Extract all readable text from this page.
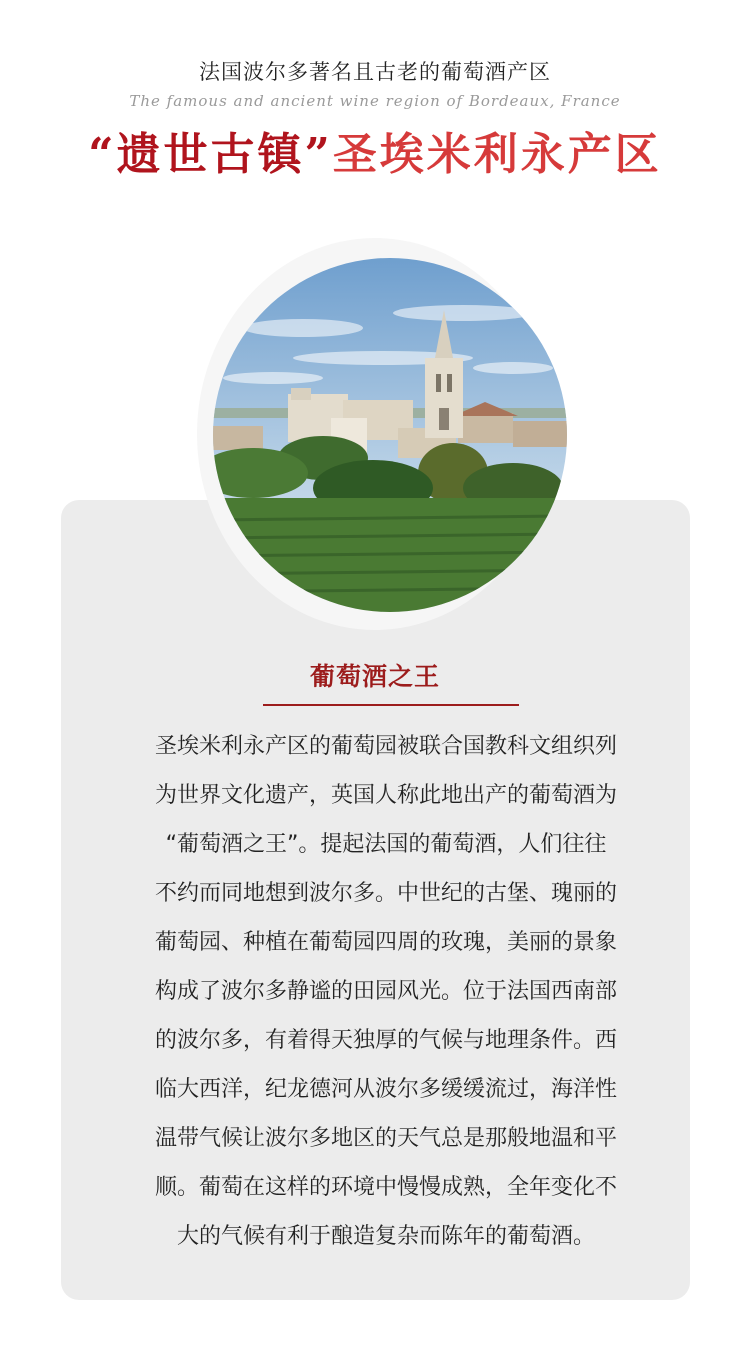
法国波尔多著名且古老的葡萄酒产区
The famous and ancient wine region of Bordeaux, France
“遗世古镇”圣埃米利永产区
葡萄酒之王
圣埃米利永产区的葡萄园被联合国教科文组织列
为世界文化遗产，英国人称此地出产的葡萄酒为
“葡萄酒之王”。提起法国的葡萄酒，人们往往
不约而同地想到波尔多。中世纪的古堡、瑰丽的
葡萄园、种植在葡萄园四周的玫瑰，美丽的景象
构成了波尔多静谧的田园风光。位于法国西南部
的波尔多，有着得天独厚的气候与地理条件。西
临大西洋，纪龙德河从波尔多缓缓流过，海洋性
温带气候让波尔多地区的天气总是那般地温和平
顺。葡萄在这样的环境中慢慢成熟，全年变化不
大的气候有利于酿造复杂而陈年的葡萄酒。
